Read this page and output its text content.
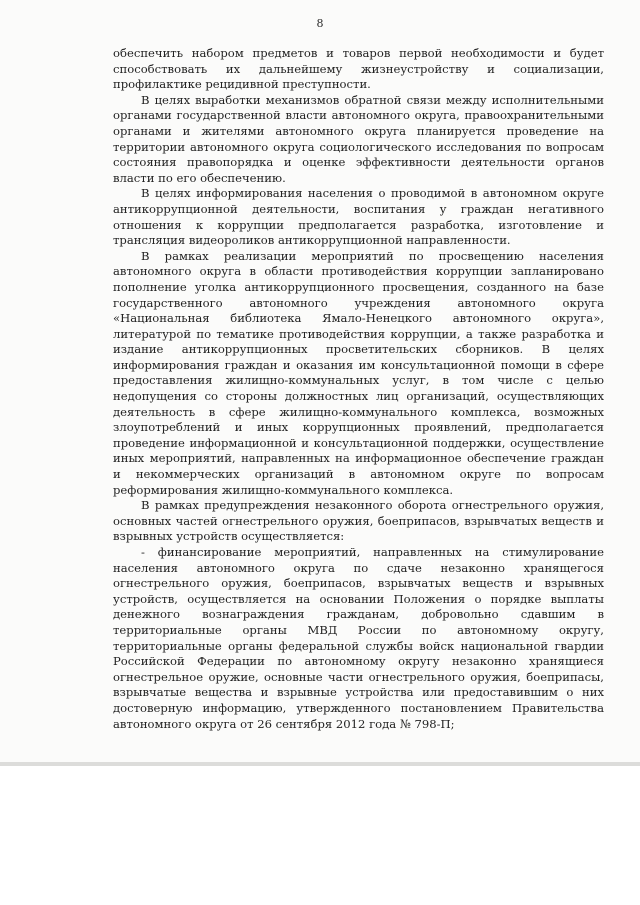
8

обеспечить набором предметов и товаров первой необходимости и будет способствовать их дальнейшему жизнеустройству и социализации, профилактике рецидивной преступности.

В целях выработки механизмов обратной связи между исполнительными органами государственной власти автономного округа, правоохранительными органами и жителями автономного округа планируется проведение на территории автономного округа социологического исследования по вопросам состояния правопорядка и оценке эффективности деятельности органов власти по его обеспечению.

В целях информирования населения о проводимой в автономном округе антикоррупционной деятельности, воспитания у граждан негативного отношения к коррупции предполагается разработка, изготовление и трансляция видеороликов антикоррупционной направленности.

В рамках реализации мероприятий по просвещению населения автономного округа в области противодействия коррупции запланировано пополнение уголка антикоррупционного просвещения, созданного на базе государственного автономного учреждения автономного округа «Национальная библиотека Ямало-Ненецкого автономного округа», литературой по тематике противодействия коррупции, а также разработка и издание антикоррупционных просветительских сборников. В целях информирования граждан и оказания им консультационной помощи в сфере предоставления жилищно-коммунальных услуг, в том числе с целью недопущения со стороны должностных лиц организаций, осуществляющих деятельность в сфере жилищно-коммунального комплекса, возможных злоупотреблений и иных коррупционных проявлений, предполагается проведение информационной и консультационной поддержки, осуществление иных мероприятий, направленных на информационное обеспечение граждан и некоммерческих организаций в автономном округе по вопросам реформирования жилищно-коммунального комплекса.

В рамках предупреждения незаконного оборота огнестрельного оружия, основных частей огнестрельного оружия, боеприпасов, взрывчатых веществ и взрывных устройств осуществляется:

- финансирование мероприятий, направленных на стимулирование населения автономного округа по сдаче незаконно хранящегося огнестрельного оружия, боеприпасов, взрывчатых веществ и взрывных устройств, осуществляется на основании Положения о порядке выплаты денежного вознаграждения гражданам, добровольно сдавшим в территориальные органы МВД России по автономному округу, территориальные органы федеральной службы войск национальной гвардии Российской Федерации по автономному округу незаконно хранящиеся огнестрельное оружие, основные части огнестрельного оружия, боеприпасы, взрывчатые вещества и взрывные устройства или предоставившим о них достоверную информацию, утвержденного постановлением Правительства автономного округа от 26 сентября 2012 года № 798-П;
